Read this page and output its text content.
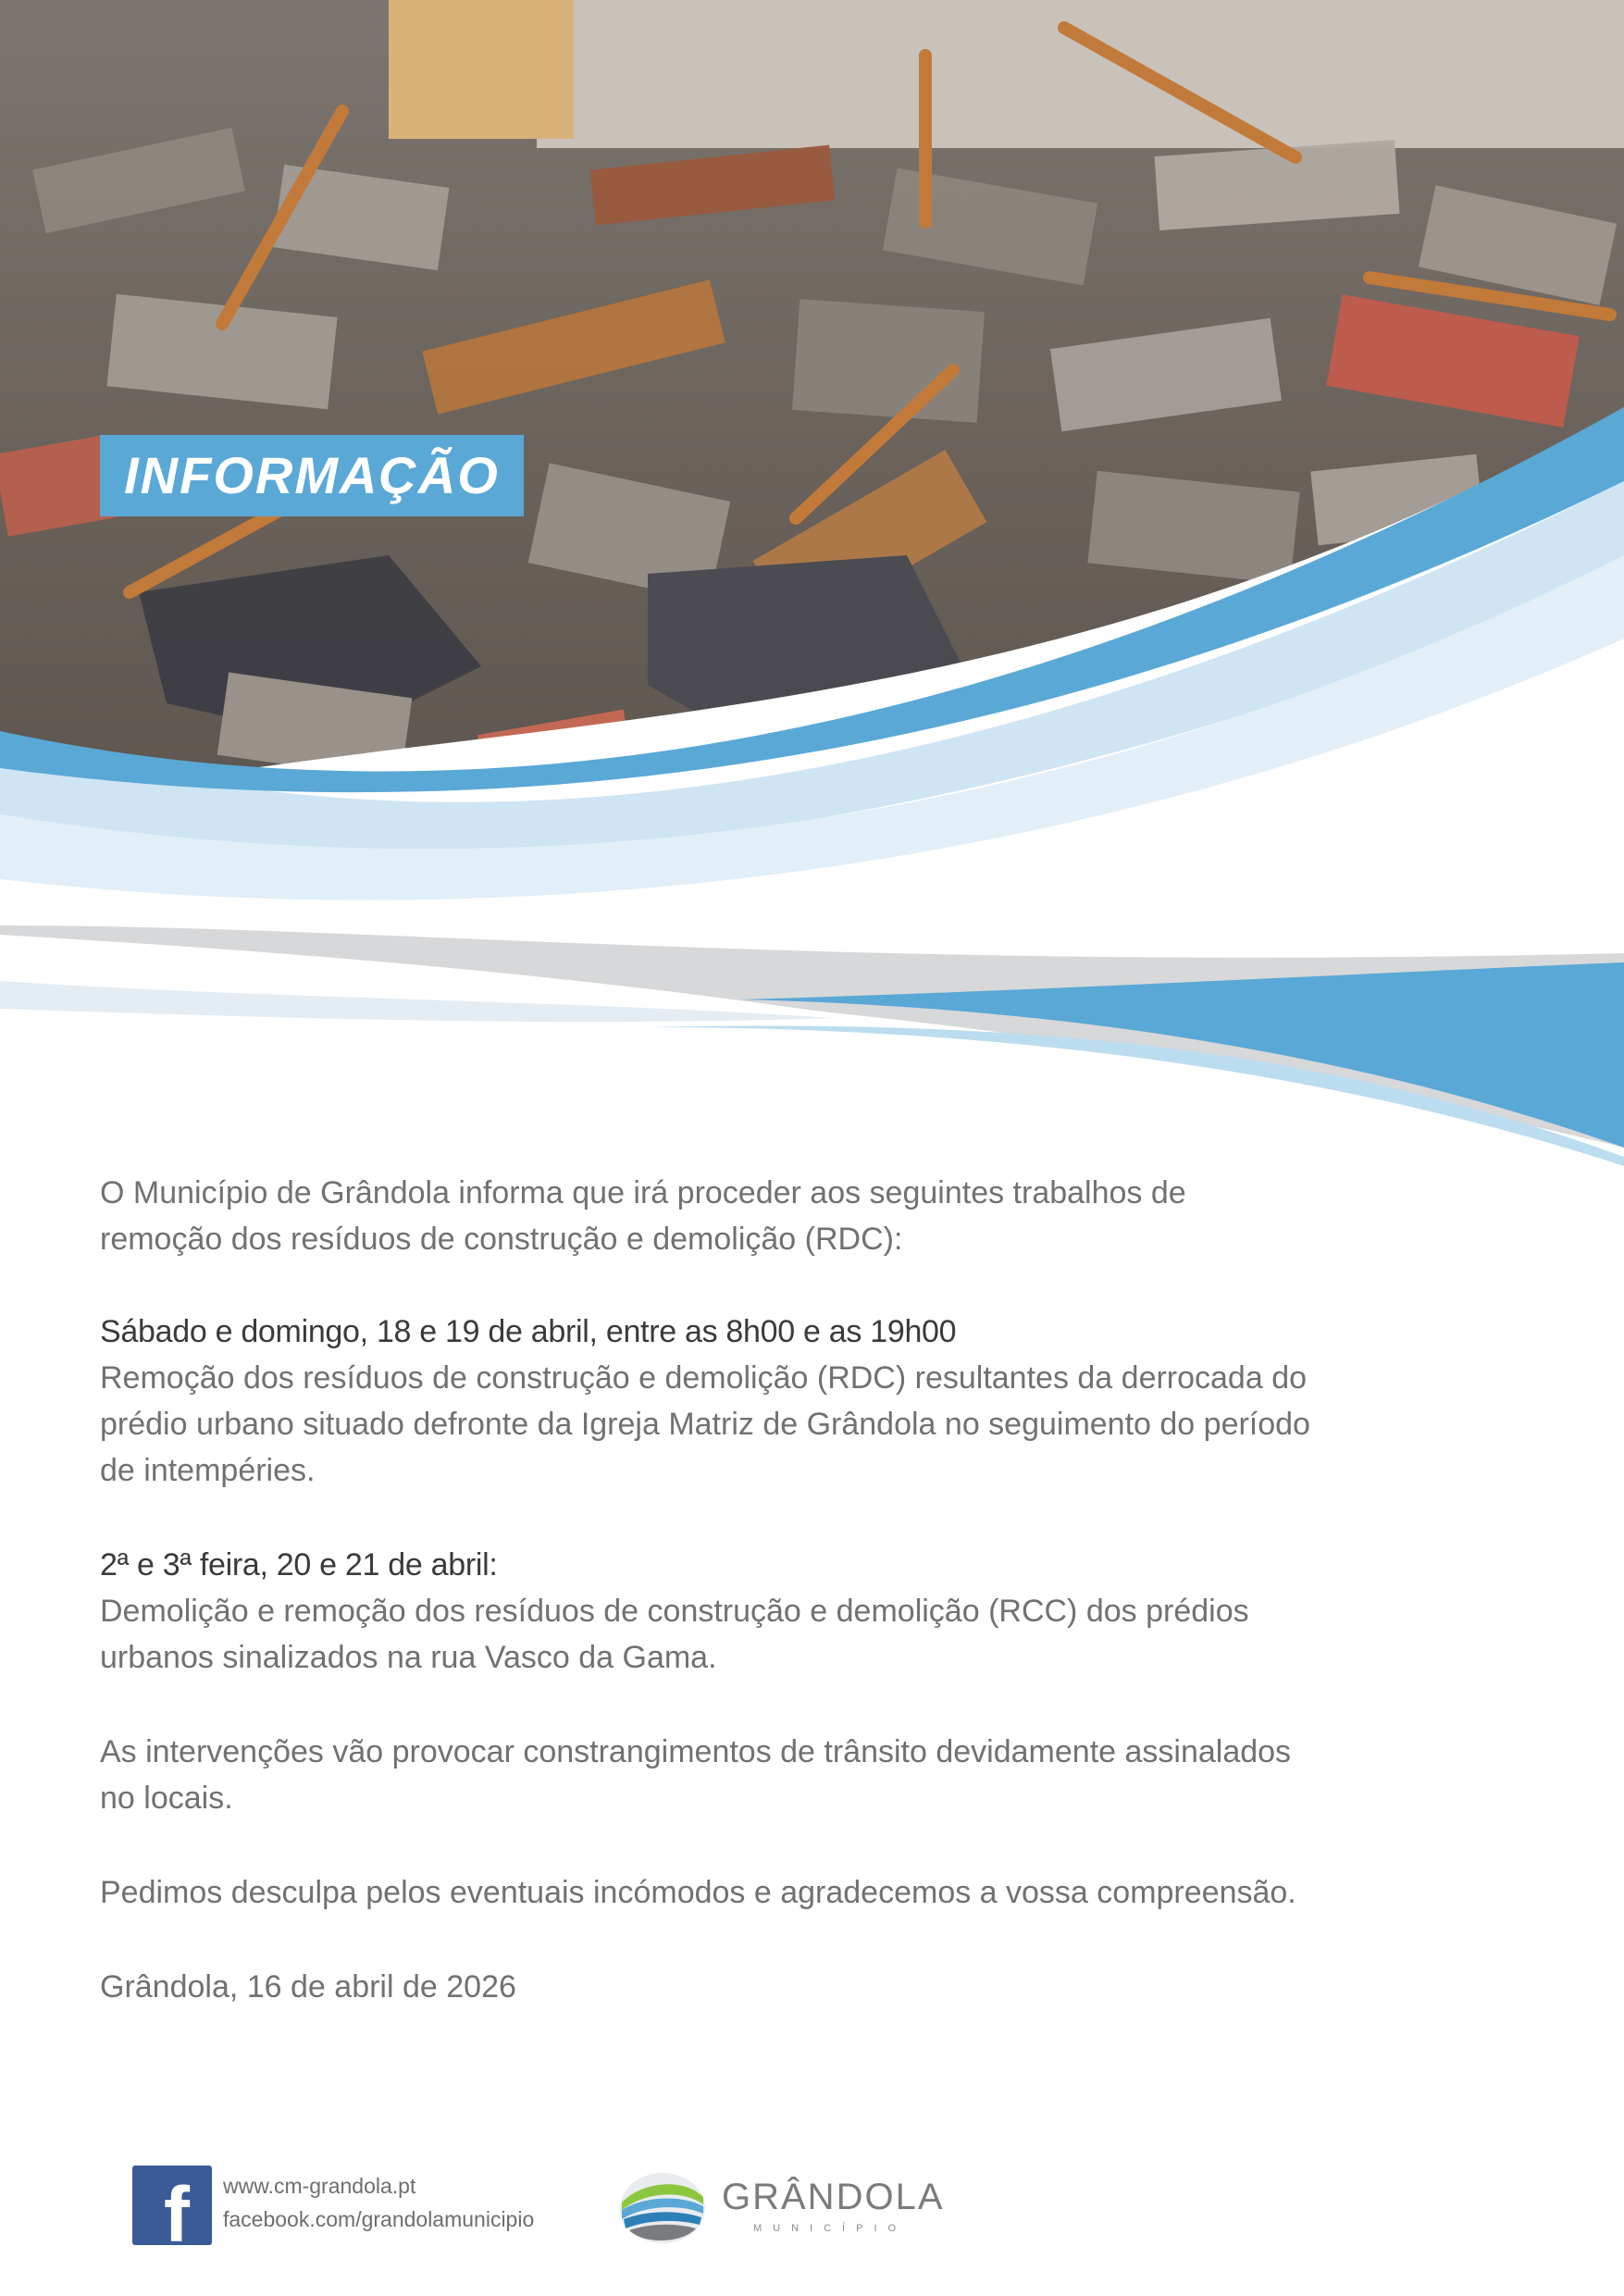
INFORMAÇÃO

O Município de Grândola informa que irá proceder aos seguintes trabalhos de

remoção dos resíduos de construção e demolição (RDC):

Sábado e domingo, 18 e 19 de abril, entre as 8h00 e as 19h00

Remoção dos resíduos de construção e demolição (RDC) resultantes da derrocada do

prédio urbano situado defronte da Igreja Matriz de Grândola no seguimento do período

de intempéries.

2ª e 3ª feira, 20 e 21 de abril:

Demolição e remoção dos resíduos de construção e demolição (RCC) dos prédios

urbanos sinalizados na rua Vasco da Gama.

As intervenções vão provocar constrangimentos de trânsito devidamente assinalados

no locais.

Pedimos desculpa pelos eventuais incómodos e agradecemos a vossa compreensão.

Grândola, 16 de abril de 2026

f www.cm-grandola.pt
facebook.com/grandolamunicipio
GRÂNDOLA
MUNICÍPIO
